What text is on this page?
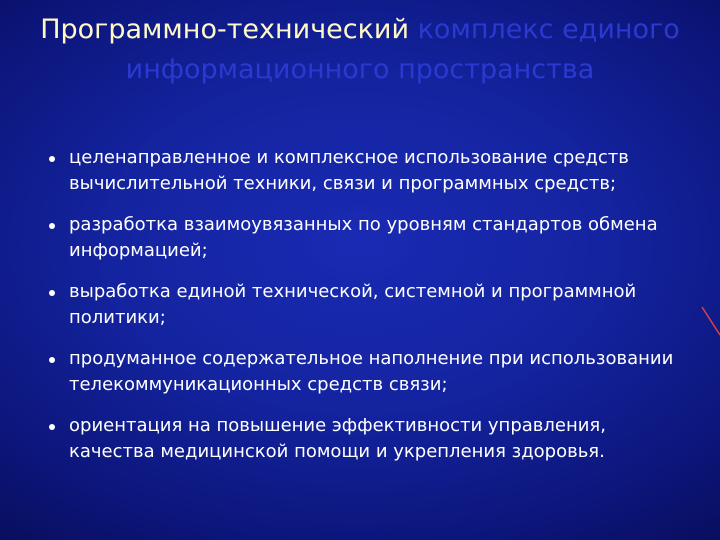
Программно-технический комплекс единого информационного пространства
целенаправленное и комплексное использование средств вычислительной техники, связи и программных средств;
разработка взаимоувязанных по уровням стандартов обмена информацией;
выработка единой технической, системной и программной политики;
продуманное содержательное наполнение при использовании телекоммуникационных средств связи;
ориентация на повышение эффективности управления, качества медицинской помощи и укрепления здоровья.
